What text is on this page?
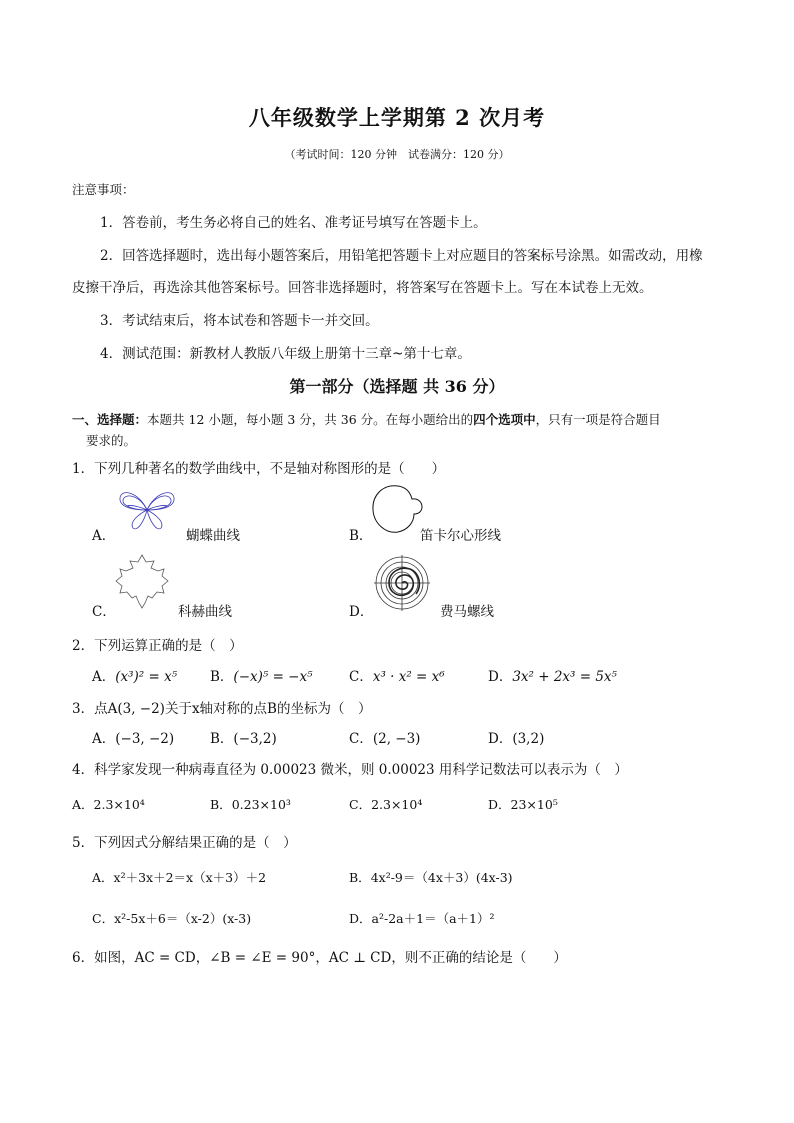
八年级数学上学期第 2 次月考
（考试时间：120 分钟　试卷满分：120 分）
注意事项：
1．答卷前，考生务必将自己的姓名、准考证号填写在答题卡上。
2．回答选择题时，选出每小题答案后，用铅笔把答题卡上对应题目的答案标号涂黑。如需改动，用橡
皮擦干净后，再选涂其他答案标号。回答非选择题时，将答案写在答题卡上。写在本试卷上无效。
3．考试结束后，将本试卷和答题卡一并交回。
4．测试范围：新教材人教版八年级上册第十三章~第十七章。
第一部分（选择题 共 36 分）
一、选择题：本题共 12 小题，每小题 3 分，共 36 分。在每小题给出的四个选项中，只有一项是符合题目
要求的。
1．下列几种著名的数学曲线中，不是轴对称图形的是（　　）
A．	蝴蝶曲线	B．	笛卡尔心形线
C．	科赫曲线	D．	费马螺线
2．下列运算正确的是（　）
A．(x³)² = x⁵ B．(−x)⁵ = −x⁵	C．x³ · x² = x⁶	D．3x² + 2x³ = 5x⁵
3．点A(3, −2)关于x轴对称的点B的坐标为（　）
A．(−3, −2)	B．(−3,2)	C．(2, −3)	D．(3,2)
4．科学家发现一种病毒直径为 0.00023 微米，则 0.00023 用科学记数法可以表示为（　）
A．2.3×10⁴	B．0.23×10³	C．2.3×10⁴	D．23×10⁵
5．下列因式分解结果正确的是（　）
A．x²＋3x＋2＝x（x＋3）＋2	B．4x²-9＝（4x＋3）(4x-3)
C．x²-5x＋6＝（x-2）(x-3)	D．a²-2a＋1＝（a＋1）²
6．如图，AC = CD，∠B = ∠E = 90°，AC ⊥ CD，则不正确的结论是（　　）
